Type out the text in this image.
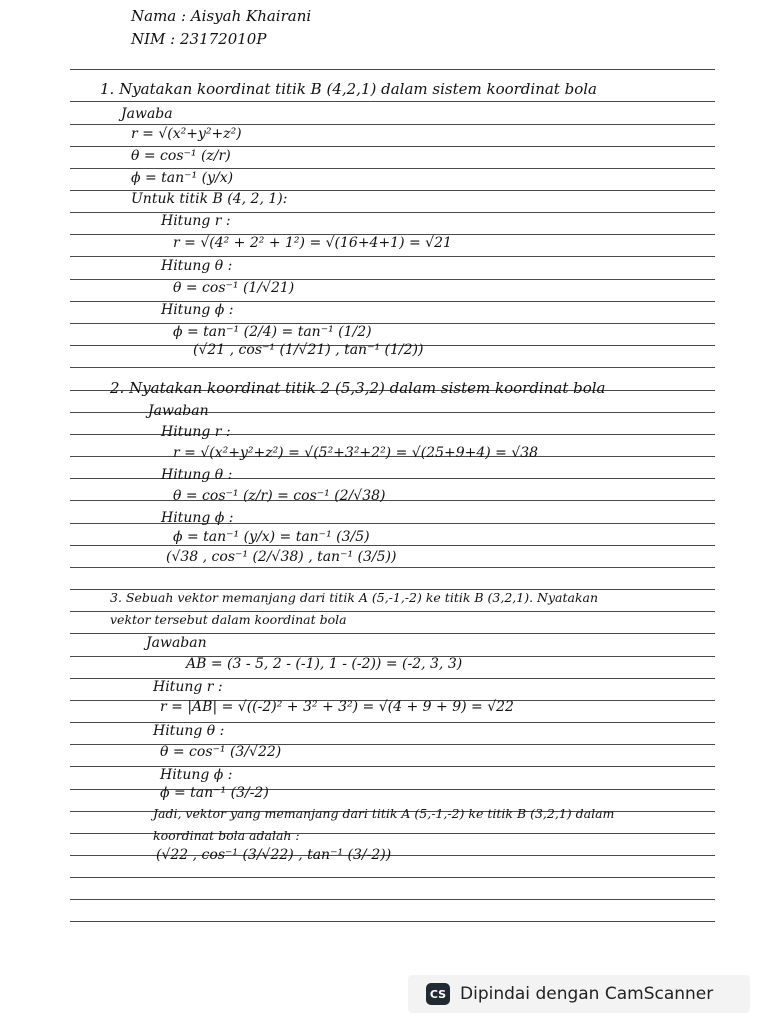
Nama : Aisyah Khairani
NIM : 23172010P
1. Nyatakan koordinat titik B (4,2,1) dalam sistem koordinat bola
Jawaba
r = √(x²+y²+z²)
θ = cos⁻¹ (z/r)
ϕ = tan⁻¹ (y/x)
Untuk titik B (4, 2, 1):
Hitung r :
r = √(4² + 2² + 1²) = √(16+4+1) = √21
Hitung θ :
θ = cos⁻¹ (1/√21)
Hitung ϕ :
ϕ = tan⁻¹ (2/4) = tan⁻¹ (1/2)
(√21 , cos⁻¹ (1/√21) , tan⁻¹ (1/2))
2. Nyatakan koordinat titik 2 (5,3,2) dalam sistem koordinat bola
Jawaban
Hitung r :
r = √(x²+y²+z²) = √(5²+3²+2²) = √(25+9+4) = √38
Hitung θ :
θ = cos⁻¹ (z/r) = cos⁻¹ (2/√38)
Hitung ϕ :
ϕ = tan⁻¹ (y/x) = tan⁻¹ (3/5)
(√38 , cos⁻¹ (2/√38) , tan⁻¹ (3/5))
3. Sebuah vektor memanjang dari titik A (5,-1,-2) ke titik B (3,2,1). Nyatakan
vektor tersebut dalam koordinat bola
Jawaban
AB = (3 - 5, 2 - (-1), 1 - (-2)) = (-2, 3, 3)
Hitung r :
r = |AB| = √((-2)² + 3² + 3²) = √(4 + 9 + 9) = √22
Hitung θ :
θ = cos⁻¹ (3/√22)
Hitung ϕ :
ϕ = tan⁻¹ (3/-2)
Jadi, vektor yang memanjang dari titik A (5,-1,-2) ke titik B (3,2,1) dalam
koordinat bola adalah :
(√22 , cos⁻¹ (3/√22) , tan⁻¹ (3/-2))
CS Dipindai dengan CamScanner
